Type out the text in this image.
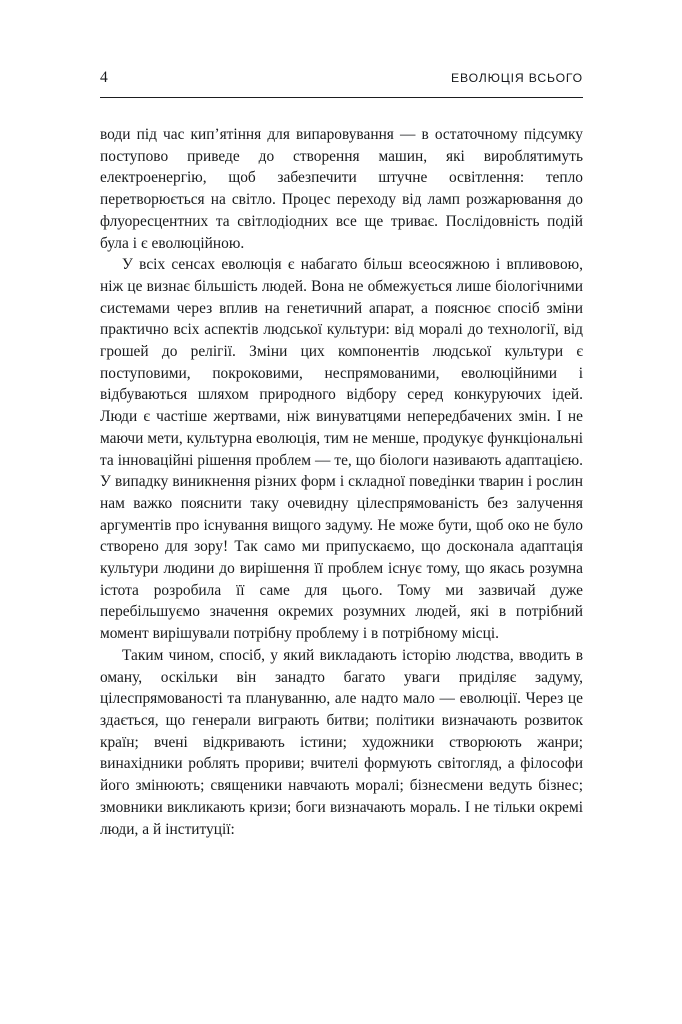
4	ЕВОЛЮЦІЯ ВСЬОГО

води під час кип’ятіння для випаровування — в остаточному підсумку поступово приведе до створення машин, які вироблятимуть електроенергію, щоб забезпечити штучне освітлення: тепло перетворюється на світло. Процес переходу від ламп розжарювання до флуоресцентних та світлодіодних все ще триває. Послідовність подій була і є еволюційною.

У всіх сенсах еволюція є набагато більш всеосяжною і впливовою, ніж це визнає більшість людей. Вона не обмежується лише біологічними системами через вплив на генетичний апарат, а пояснює спосіб зміни практично всіх аспектів людської культури: від моралі до технології, від грошей до релігії. Зміни цих компонентів людської культури є поступовими, покроковими, неспрямованими, еволюційними і відбуваються шляхом природного відбору серед конкуруючих ідей. Люди є частіше жертвами, ніж винуватцями непередбачених змін. І не маючи мети, культурна еволюція, тим не менше, продукує функціональні та інноваційні рішення проблем — те, що біологи називають адаптацією. У випадку виникнення різних форм і складної поведінки тварин і рослин нам важко пояснити таку очевидну цілеспрямованість без залучення аргументів про існування вищого задуму. Не може бути, щоб око не було створено для зору! Так само ми припускаємо, що досконала адаптація культури людини до вирішення її проблем існує тому, що якась розумна істота розробила її саме для цього. Тому ми зазвичай дуже перебільшуємо значення окремих розумних людей, які в потрібний момент вирішували потрібну проблему і в потрібному місці.

Таким чином, спосіб, у який викладають історію людства, вводить в оману, оскільки він занадто багато уваги приділяє задуму, цілеспрямованості та плануванню, але надто мало — еволюції. Через це здається, що генерали виграють битви; політики визначають розвиток країн; вчені відкривають істини; художники створюють жанри; винахідники роблять прориви; вчителі формують світогляд, а філософи його змінюють; священики навчають моралі; бізнесмени ведуть бізнес; змовники викликають кризи; боги визначають мораль. І не тільки окремі люди, а й інституції:
